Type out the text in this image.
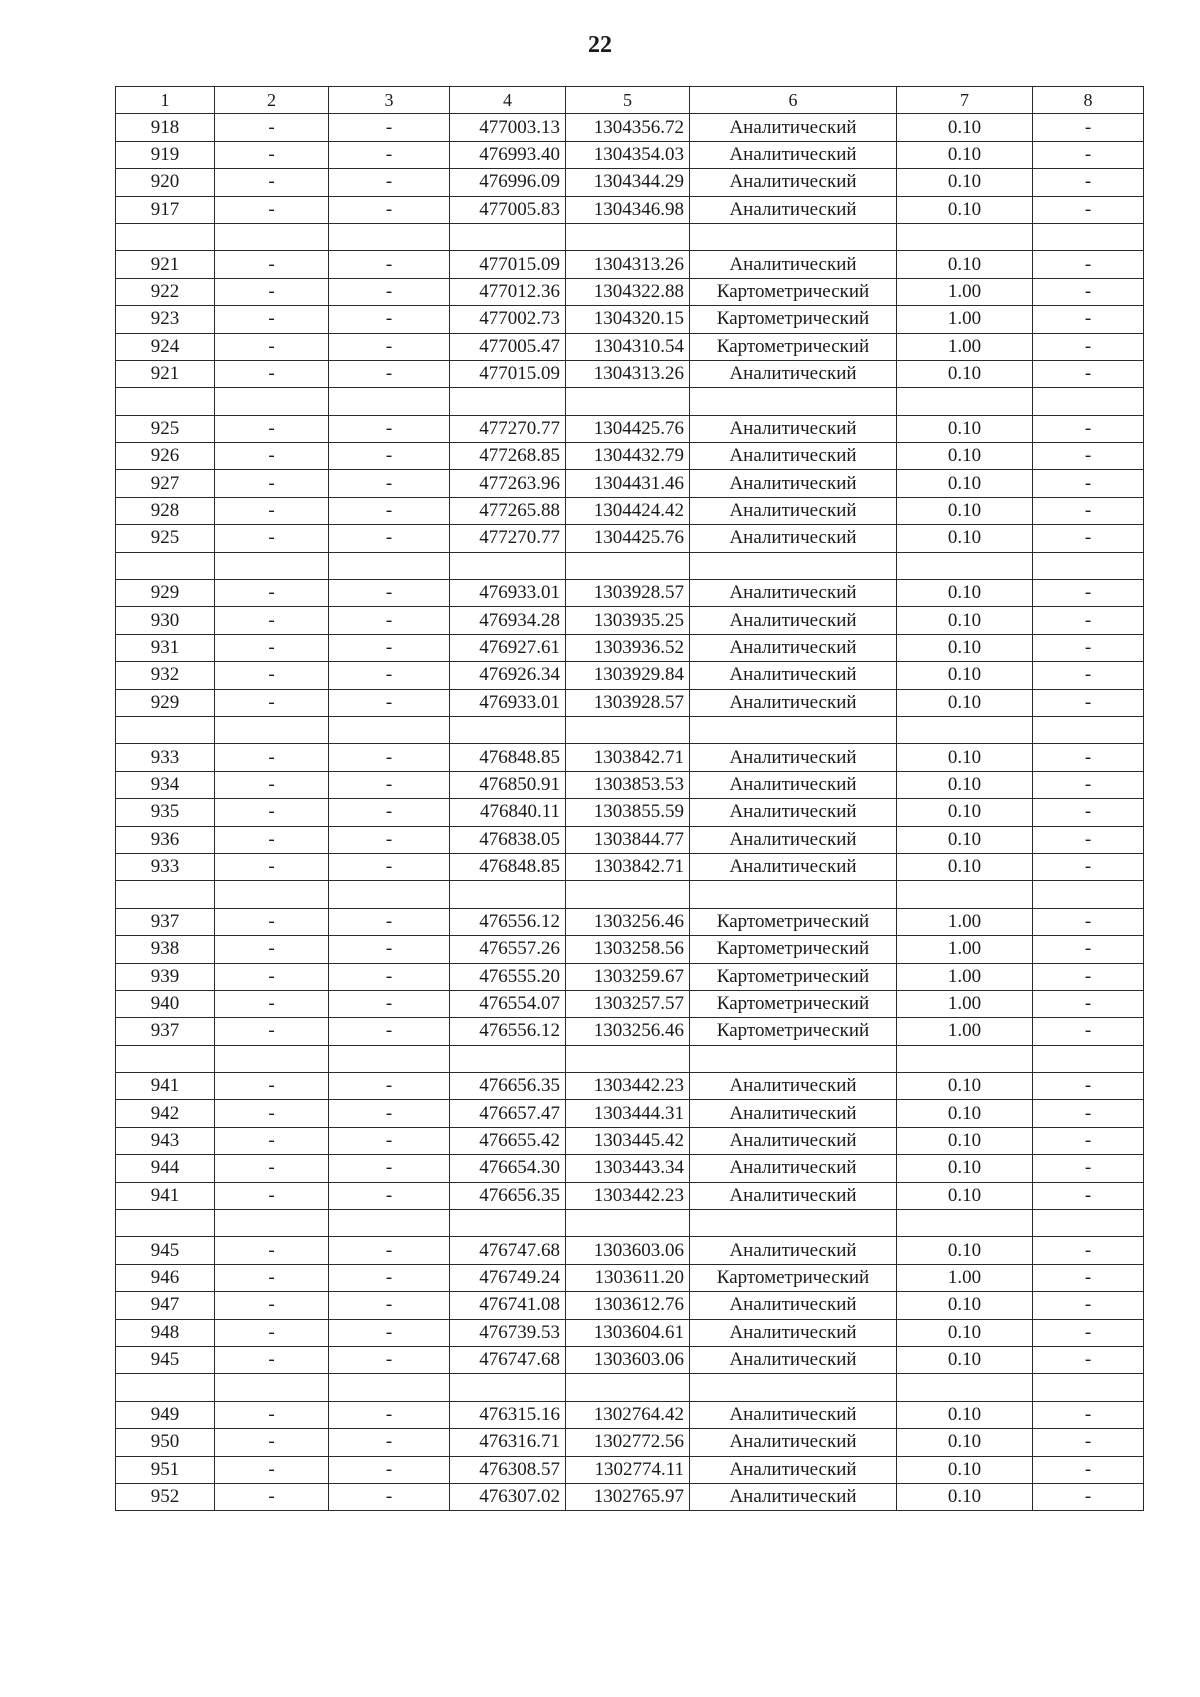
22
1	2	3	4	5	6	7	8
918	-	-	477003.13	1304356.72	Аналитический	0.10	-
919	-	-	476993.40	1304354.03	Аналитический	0.10	-
920	-	-	476996.09	1304344.29	Аналитический	0.10	-
917	-	-	477005.83	1304346.98	Аналитический	0.10	-

921	-	-	477015.09	1304313.26	Аналитический	0.10	-
922	-	-	477012.36	1304322.88	Картометрический	1.00	-
923	-	-	477002.73	1304320.15	Картометрический	1.00	-
924	-	-	477005.47	1304310.54	Картометрический	1.00	-
921	-	-	477015.09	1304313.26	Аналитический	0.10	-

925	-	-	477270.77	1304425.76	Аналитический	0.10	-
926	-	-	477268.85	1304432.79	Аналитический	0.10	-
927	-	-	477263.96	1304431.46	Аналитический	0.10	-
928	-	-	477265.88	1304424.42	Аналитический	0.10	-
925	-	-	477270.77	1304425.76	Аналитический	0.10	-

929	-	-	476933.01	1303928.57	Аналитический	0.10	-
930	-	-	476934.28	1303935.25	Аналитический	0.10	-
931	-	-	476927.61	1303936.52	Аналитический	0.10	-
932	-	-	476926.34	1303929.84	Аналитический	0.10	-
929	-	-	476933.01	1303928.57	Аналитический	0.10	-

933	-	-	476848.85	1303842.71	Аналитический	0.10	-
934	-	-	476850.91	1303853.53	Аналитический	0.10	-
935	-	-	476840.11	1303855.59	Аналитический	0.10	-
936	-	-	476838.05	1303844.77	Аналитический	0.10	-
933	-	-	476848.85	1303842.71	Аналитический	0.10	-

937	-	-	476556.12	1303256.46	Картометрический	1.00	-
938	-	-	476557.26	1303258.56	Картометрический	1.00	-
939	-	-	476555.20	1303259.67	Картометрический	1.00	-
940	-	-	476554.07	1303257.57	Картометрический	1.00	-
937	-	-	476556.12	1303256.46	Картометрический	1.00	-

941	-	-	476656.35	1303442.23	Аналитический	0.10	-
942	-	-	476657.47	1303444.31	Аналитический	0.10	-
943	-	-	476655.42	1303445.42	Аналитический	0.10	-
944	-	-	476654.30	1303443.34	Аналитический	0.10	-
941	-	-	476656.35	1303442.23	Аналитический	0.10	-

945	-	-	476747.68	1303603.06	Аналитический	0.10	-
946	-	-	476749.24	1303611.20	Картометрический	1.00	-
947	-	-	476741.08	1303612.76	Аналитический	0.10	-
948	-	-	476739.53	1303604.61	Аналитический	0.10	-
945	-	-	476747.68	1303603.06	Аналитический	0.10	-

949	-	-	476315.16	1302764.42	Аналитический	0.10	-
950	-	-	476316.71	1302772.56	Аналитический	0.10	-
951	-	-	476308.57	1302774.11	Аналитический	0.10	-
952	-	-	476307.02	1302765.97	Аналитический	0.10	-
